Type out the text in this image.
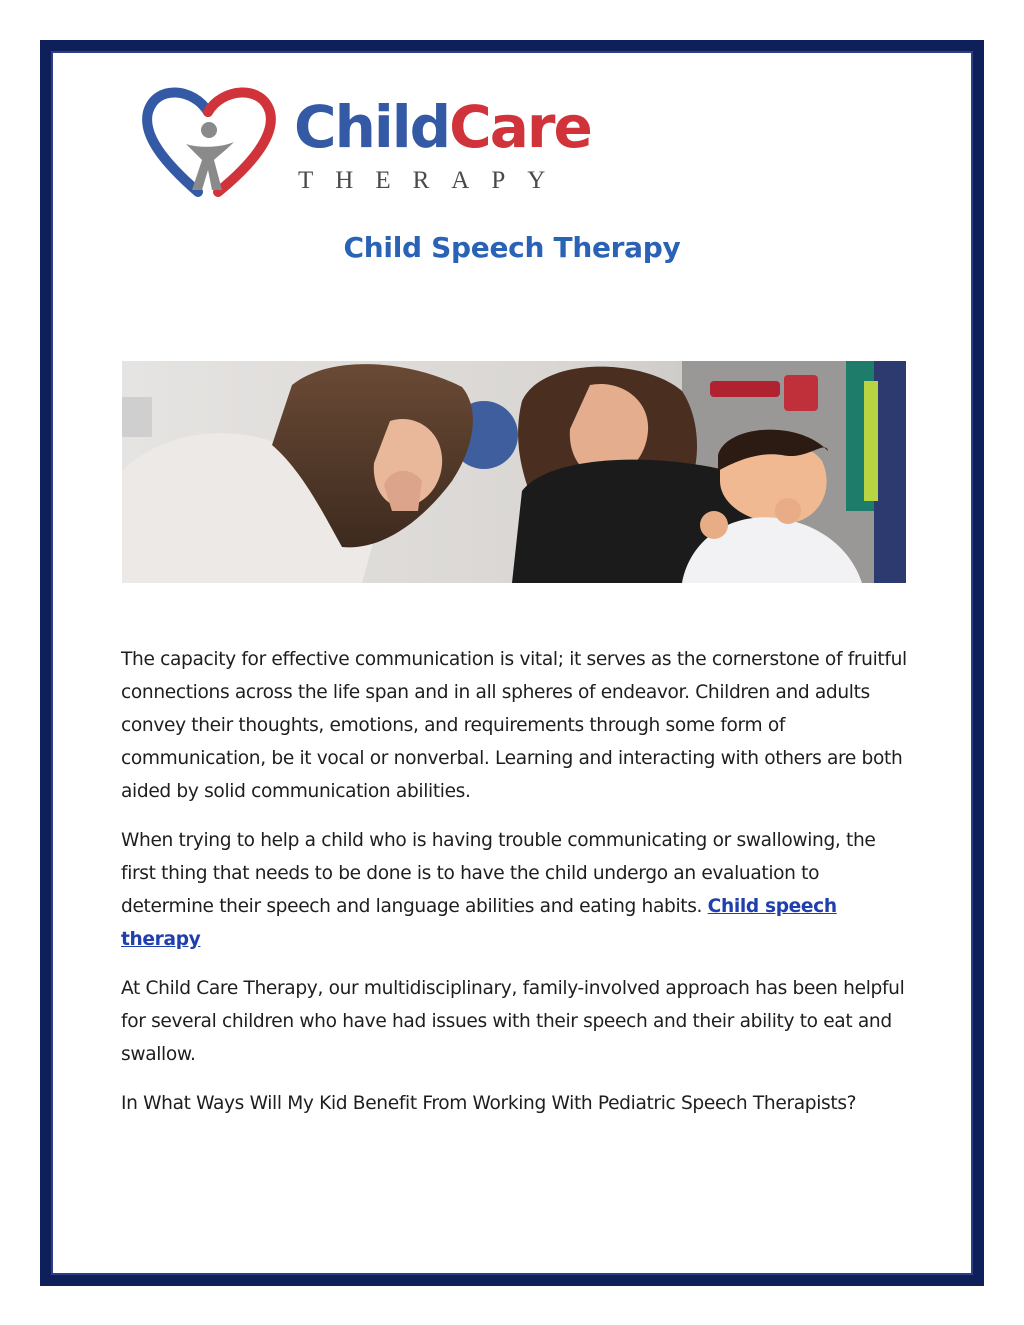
ChildCare
THERAPY
Child Speech Therapy

The capacity for effective communication is vital; it serves as the cornerstone of fruitful connections across the life span and in all spheres of endeavor. Children and adults convey their thoughts, emotions, and requirements through some form of communication, be it vocal or nonverbal. Learning and interacting with others are both aided by solid communication abilities.

When trying to help a child who is having trouble communicating or swallowing, the first thing that needs to be done is to have the child undergo an evaluation to determine their speech and language abilities and eating habits. Child speech therapy

At Child Care Therapy, our multidisciplinary, family-involved approach has been helpful for several children who have had issues with their speech and their ability to eat and swallow.

In What Ways Will My Kid Benefit From Working With Pediatric Speech Therapists?
